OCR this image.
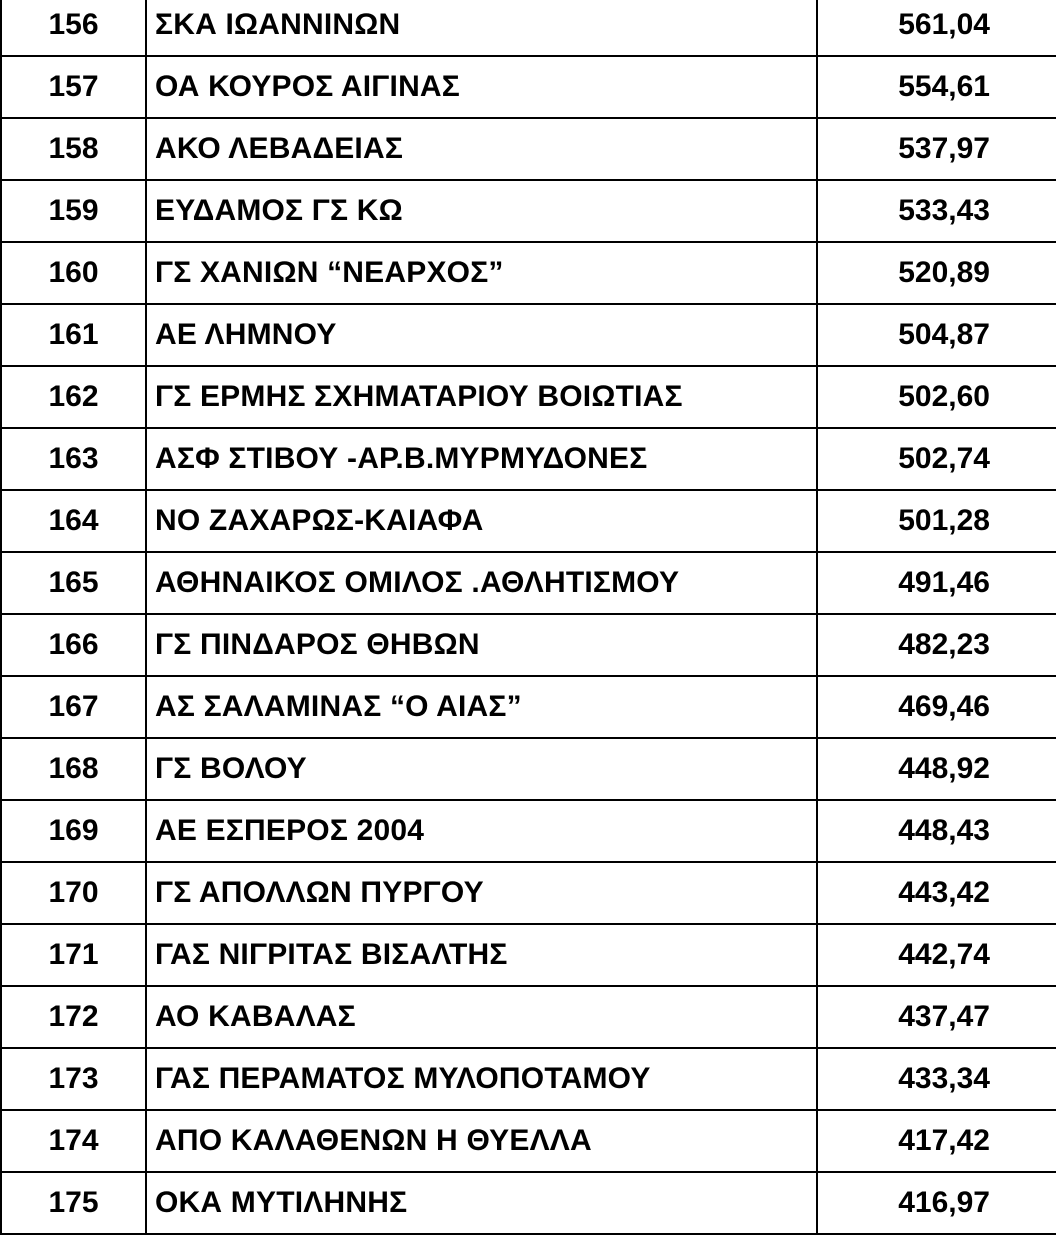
156	ΣΚΑ ΙΩΑΝΝΙΝΩΝ	561,04
157	ΟΑ ΚΟΥΡΟΣ ΑΙΓΙΝΑΣ	554,61
158	ΑΚΟ ΛΕΒΑΔΕΙΑΣ	537,97
159	ΕΥΔΑΜΟΣ ΓΣ ΚΩ	533,43
160	ΓΣ ΧΑΝΙΩΝ “ΝΕΑΡΧΟΣ”	520,89
161	ΑΕ ΛΗΜΝΟΥ	504,87
162	ΓΣ ΕΡΜΗΣ ΣΧΗΜΑΤΑΡΙΟΥ ΒΟΙΩΤΙΑΣ	502,60
163	ΑΣΦ ΣΤΙΒΟΥ -ΑΡ.Β.ΜΥΡΜΥΔΟΝΕΣ	502,74
164	ΝΟ ΖΑΧΑΡΩΣ-ΚΑΙΑΦΑ	501,28
165	ΑΘΗΝΑΙΚΟΣ ΟΜΙΛΟΣ .ΑΘΛΗΤΙΣΜΟΥ	491,46
166	ΓΣ ΠΙΝΔΑΡΟΣ ΘΗΒΩΝ	482,23
167	ΑΣ ΣΑΛΑΜΙΝΑΣ “Ο ΑΙΑΣ”	469,46
168	ΓΣ ΒΟΛΟΥ	448,92
169	ΑΕ ΕΣΠΕΡΟΣ 2004	448,43
170	ΓΣ ΑΠΟΛΛΩΝ ΠΥΡΓΟΥ	443,42
171	ΓΑΣ ΝΙΓΡΙΤΑΣ ΒΙΣΑΛΤΗΣ	442,74
172	ΑΟ ΚΑΒΑΛΑΣ	437,47
173	ΓΑΣ ΠΕΡΑΜΑΤΟΣ ΜΥΛΟΠΟΤΑΜΟΥ	433,34
174	ΑΠΟ ΚΑΛΑΘΕΝΩΝ Η ΘΥΕΛΛΑ	417,42
175	ΟΚΑ ΜΥΤΙΛΗΝΗΣ	416,97
